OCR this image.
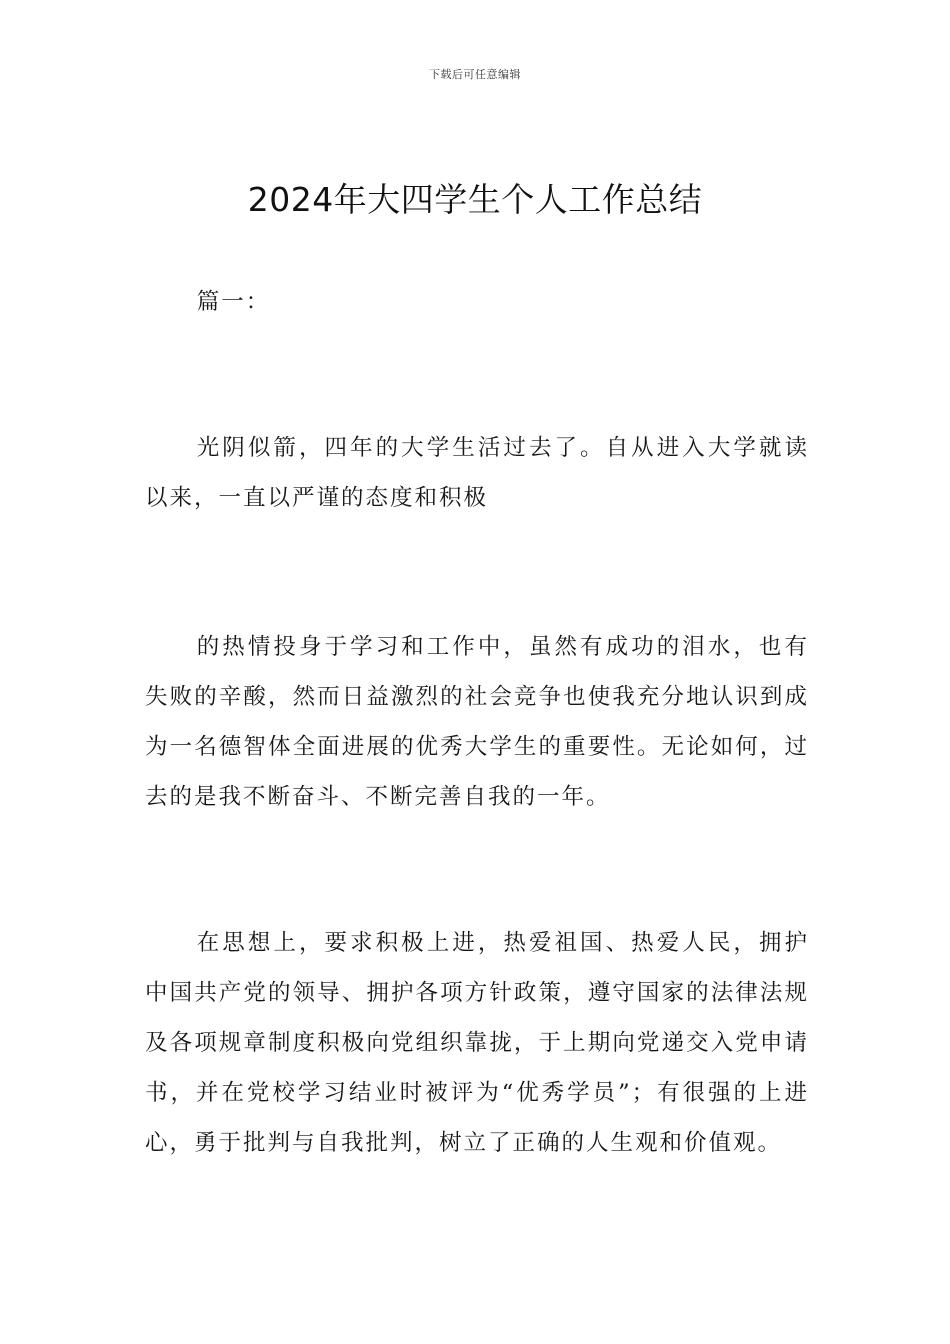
下载后可任意编辑
2024年大四学生个人工作总结

篇一：

光阴似箭，四年的大学生活过去了。自从进入大学就读以来，一直以严谨的态度和积极

的热情投身于学习和工作中，虽然有成功的泪水，也有失败的辛酸，然而日益激烈的社会竞争也使我充分地认识到成为一名德智体全面进展的优秀大学生的重要性。无论如何，过去的是我不断奋斗、不断完善自我的一年。

在思想上，要求积极上进，热爱祖国、热爱人民，拥护中国共产党的领导、拥护各项方针政策，遵守国家的法律法规及各项规章制度积极向党组织靠拢，于上期向党递交入党申请书，并在党校学习结业时被评为“优秀学员”；有很强的上进心，勇于批判与自我批判，树立了正确的人生观和价值观。
